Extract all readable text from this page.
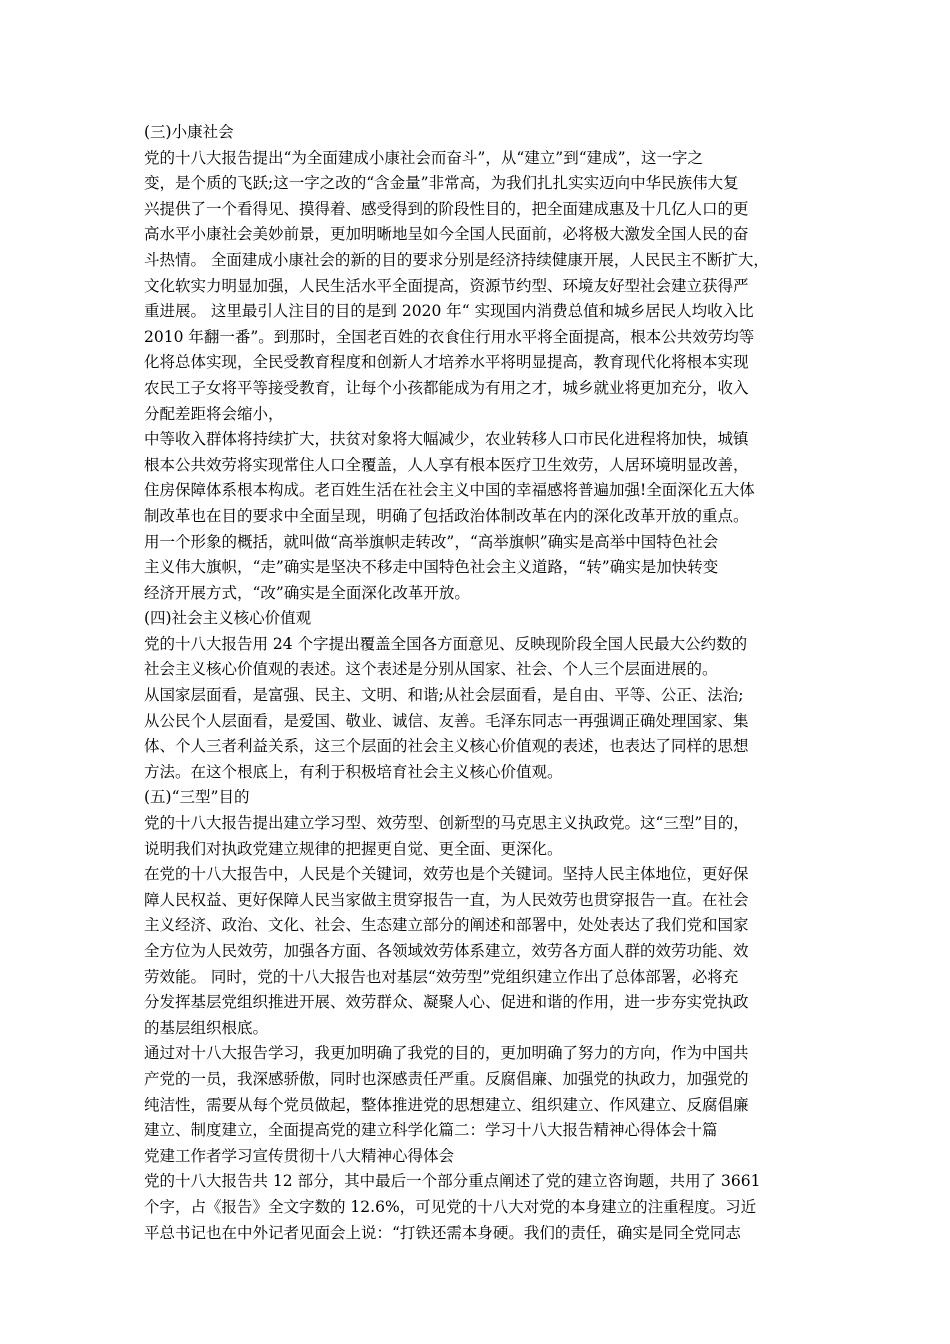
(三)小康社会
党的十八大报告提出“为全面建成小康社会而奋斗”，从“建立”到“建成”，这一字之
变，是个质的飞跃;这一字之改的“含金量”非常高，为我们扎扎实实迈向中华民族伟大复
兴提供了一个看得见、摸得着、感受得到的阶段性目的，把全面建成惠及十几亿人口的更
高水平小康社会美妙前景，更加明晰地呈如今全国人民面前，必将极大激发全国人民的奋
斗热情。 全面建成小康社会的新的目的要求分别是经济持续健康开展，人民民主不断扩大，
文化软实力明显加强，人民生活水平全面提高，资源节约型、环境友好型社会建立获得严
重进展。 这里最引人注目的目的是到 2020 年“ 实现国内消费总值和城乡居民人均收入比
2010 年翻一番”。到那时，全国老百姓的衣食住行用水平将全面提高，根本公共效劳均等
化将总体实现，全民受教育程度和创新人才培养水平将明显提高，教育现代化将根本实现
农民工子女将平等接受教育，让每个小孩都能成为有用之才，城乡就业将更加充分，收入
分配差距将会缩小，
中等收入群体将持续扩大，扶贫对象将大幅减少，农业转移人口市民化进程将加快，城镇
根本公共效劳将实现常住人口全覆盖，人人享有根本医疗卫生效劳，人居环境明显改善，
住房保障体系根本构成。老百姓生活在社会主义中国的幸福感将普遍加强!全面深化五大体
制改革也在目的要求中全面呈现，明确了包括政治体制改革在内的深化改革开放的重点。
用一个形象的概括，就叫做“高举旗帜走转改”，“高举旗帜”确实是高举中国特色社会
主义伟大旗帜，“走”确实是坚决不移走中国特色社会主义道路，“转”确实是加快转变
经济开展方式，“改”确实是全面深化改革开放。
(四)社会主义核心价值观
党的十八大报告用 24 个字提出覆盖全国各方面意见、反映现阶段全国人民最大公约数的
社会主义核心价值观的表述。这个表述是分别从国家、社会、个人三个层面进展的。
从国家层面看，是富强、民主、文明、和谐;从社会层面看，是自由、平等、公正、法治;
从公民个人层面看，是爱国、敬业、诚信、友善。毛泽东同志一再强调正确处理国家、集
体、个人三者利益关系，这三个层面的社会主义核心价值观的表述，也表达了同样的思想
方法。在这个根底上，有利于积极培育社会主义核心价值观。
(五)“三型”目的
党的十八大报告提出建立学习型、效劳型、创新型的马克思主义执政党。这“三型”目的，
说明我们对执政党建立规律的把握更自觉、更全面、更深化。
在党的十八大报告中，人民是个关键词，效劳也是个关键词。坚持人民主体地位，更好保
障人民权益、更好保障人民当家做主贯穿报告一直，为人民效劳也贯穿报告一直。在社会
主义经济、政治、文化、社会、生态建立部分的阐述和部署中，处处表达了我们党和国家
全方位为人民效劳，加强各方面、各领域效劳体系建立，效劳各方面人群的效劳功能、效
劳效能。 同时，党的十八大报告也对基层“效劳型”党组织建立作出了总体部署，必将充
分发挥基层党组织推进开展、效劳群众、凝聚人心、促进和谐的作用，进一步夯实党执政
的基层组织根底。
通过对十八大报告学习，我更加明确了我党的目的，更加明确了努力的方向，作为中国共
产党的一员，我深感骄傲，同时也深感责任严重。反腐倡廉、加强党的执政力，加强党的
纯洁性，需要从每个党员做起，整体推进党的思想建立、组织建立、作风建立、反腐倡廉
建立、制度建立，全面提高党的建立科学化篇二：学习十八大报告精神心得体会十篇
党建工作者学习宣传贯彻十八大精神心得体会
党的十八大报告共 12 部分，其中最后一个部分重点阐述了党的建立咨询题，共用了 3661
个字，占《报告》全文字数的 12.6%，可见党的十八大对党的本身建立的注重程度。习近
平总书记也在中外记者见面会上说：“打铁还需本身硬。我们的责任，确实是同全党同志
